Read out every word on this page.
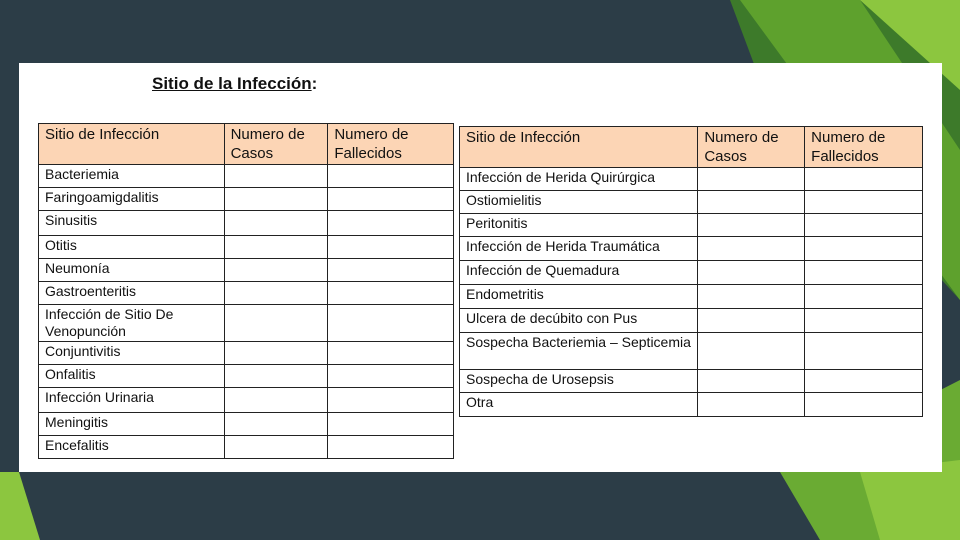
Sitio de la Infección:
Sitio de Infección	Numero de Casos	Numero de Fallecidos
Bacteriemia		
Faringoamigdalitis		
Sinusitis		
Otitis		
Neumonía		
Gastroenteritis		
Infección de Sitio De Venopunción		
Conjuntivitis		
Onfalitis		
Infección Urinaria		
Meningitis		
Encefalitis		
Sitio de Infección	Numero de Casos	Numero de Fallecidos
Infección de Herida Quirúrgica		
Ostiomielitis		
Peritonitis		
Infección de Herida Traumática		
Infección de Quemadura		
Endometritis		
Ulcera de decúbito con Pus		
Sospecha Bacteriemia – Septicemia		
Sospecha de Urosepsis		
Otra		
